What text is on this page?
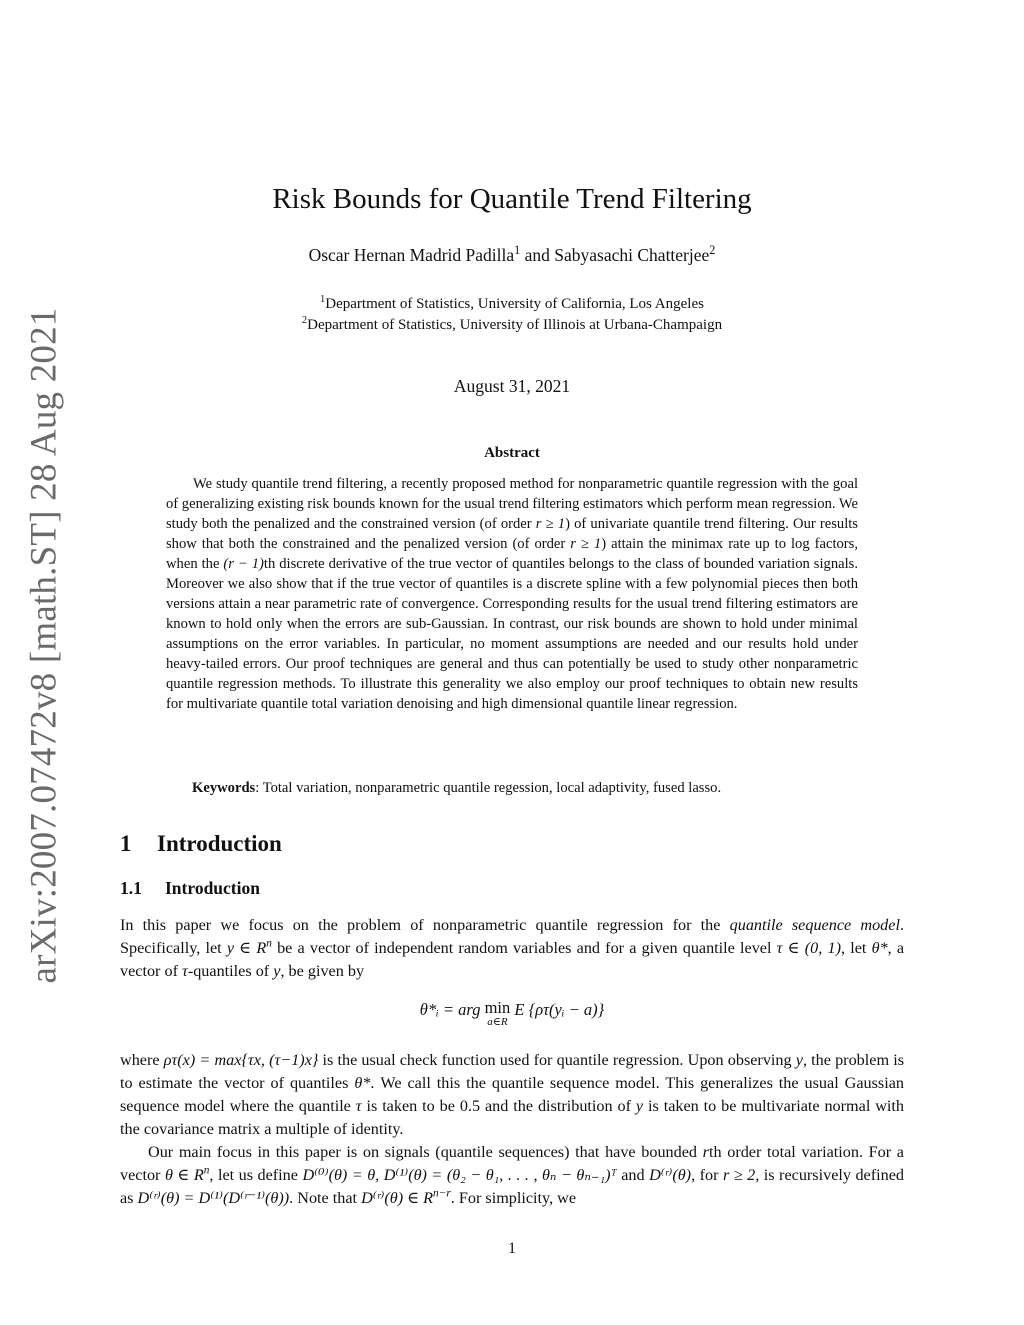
arXiv:2007.07472v8 [math.ST] 28 Aug 2021
Risk Bounds for Quantile Trend Filtering
Oscar Hernan Madrid Padilla$^1$ and Sabyasachi Chatterjee$^2$
$^1$Department of Statistics, University of California, Los Angeles
$^2$Department of Statistics, University of Illinois at Urbana-Champaign
August 31, 2021
Abstract

We study quantile trend filtering, a recently proposed method for nonparametric quantile regression with the goal of generalizing existing risk bounds known for the usual trend filtering estimators which perform mean regression. We study both the penalized and the constrained version (of order r ≥ 1) of univariate quantile trend filtering. Our results show that both the constrained and the penalized version (of order r ≥ 1) attain the minimax rate up to log factors, when the (r − 1)th discrete derivative of the true vector of quantiles belongs to the class of bounded variation signals. Moreover we also show that if the true vector of quantiles is a discrete spline with a few polynomial pieces then both versions attain a near parametric rate of convergence. Corresponding results for the usual trend filtering estimators are known to hold only when the errors are sub-Gaussian. In contrast, our risk bounds are shown to hold under minimal assumptions on the error variables. In particular, no moment assumptions are needed and our results hold under heavy-tailed errors. Our proof techniques are general and thus can potentially be used to study other nonparametric quantile regression methods. To illustrate this generality we also employ our proof techniques to obtain new results for multivariate quantile total variation denoising and high dimensional quantile linear regression.

Keywords: Total variation, nonparametric quantile regession, local adaptivity, fused lasso.
1 Introduction
1.1 Introduction

In this paper we focus on the problem of nonparametric quantile regression for the quantile sequence model. Specifically, let y ∈ $R^n$ be a vector of independent random variables and for a given quantile level τ ∈ (0, 1), let θ*, a vector of τ-quantiles of y, be given by

θ*ᵢ = arg min
a∈R
E {ρτ(yᵢ − a)}

where ρτ(x) = max{τx, (τ−1)x} is the usual check function used for quantile regression. Upon observing y, the problem is to estimate the vector of quantiles θ*. We call this the quantile sequence model. This generalizes the usual Gaussian sequence model where the quantile τ is taken to be 0.5 and the distribution of y is taken to be multivariate normal with the covariance matrix a multiple of identity.

Our main focus in this paper is on signals (quantile sequences) that have bounded rth order total variation. For a vector θ ∈ $R^n$, let us define D⁽⁰⁾(θ) = θ, D⁽¹⁾(θ) = (θ₂ − θ₁, . . . , θₙ − θₙ₋₁)ᵀ and D⁽ʳ⁾(θ), for r ≥ 2, is recursively defined as D⁽ʳ⁾(θ) = D⁽¹⁾(D⁽ʳ⁻¹⁾(θ)). Note that D⁽ʳ⁾(θ) ∈ $R^{n-r}$. For simplicity, we

1
